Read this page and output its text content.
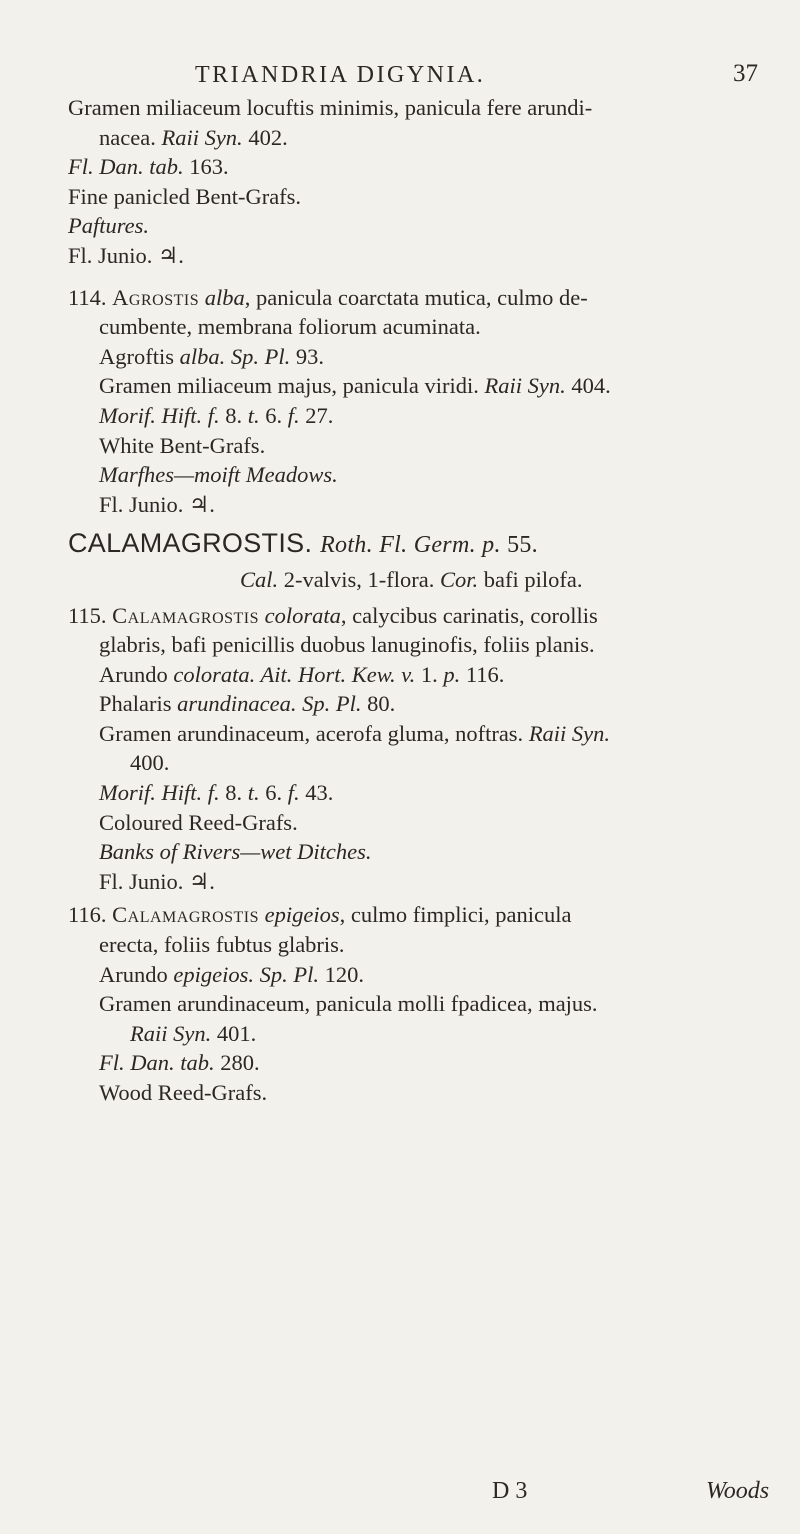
TRIANDRIA DIGYNIA.	37
Gramen miliaceum locuftis minimis, panicula fere arundi-
nacea. Raii Syn. 402.
Fl. Dan. tab. 163.
Fine panicled Bent-Grafs.
Paftures.
Fl. Junio. ♃.
114. Agrostis alba, panicula coarctata mutica, culmo de-
cumbente, membrana foliorum acuminata.
Agroftis alba. Sp. Pl. 93.
Gramen miliaceum majus, panicula viridi. Raii Syn. 404.
Morif. Hift. f. 8. t. 6. f. 27.
White Bent-Grafs.
Marfhes—moift Meadows.
Fl. Junio. ♃.
CALAMAGROSTIS. Roth. Fl. Germ. p. 55.
Cal. 2-valvis, 1-flora. Cor. bafi pilofa.
115. Calamagrostis colorata, calycibus carinatis, corollis
glabris, bafi penicillis duobus lanuginofis, foliis planis.
Arundo colorata. Ait. Hort. Kew. v. 1. p. 116.
Phalaris arundinacea. Sp. Pl. 80.
Gramen arundinaceum, acerofa gluma, noftras. Raii Syn.
400.
Morif. Hift. f. 8. t. 6. f. 43.
Coloured Reed-Grafs.
Banks of Rivers—wet Ditches.
Fl. Junio. ♃.
116. Calamagrostis epigeios, culmo fimplici, panicula
erecta, foliis fubtus glabris.
Arundo epigeios. Sp. Pl. 120.
Gramen arundinaceum, panicula molli fpadicea, majus.
Raii Syn. 401.
Fl. Dan. tab. 280.
Wood Reed-Grafs.
D 3	Woods
